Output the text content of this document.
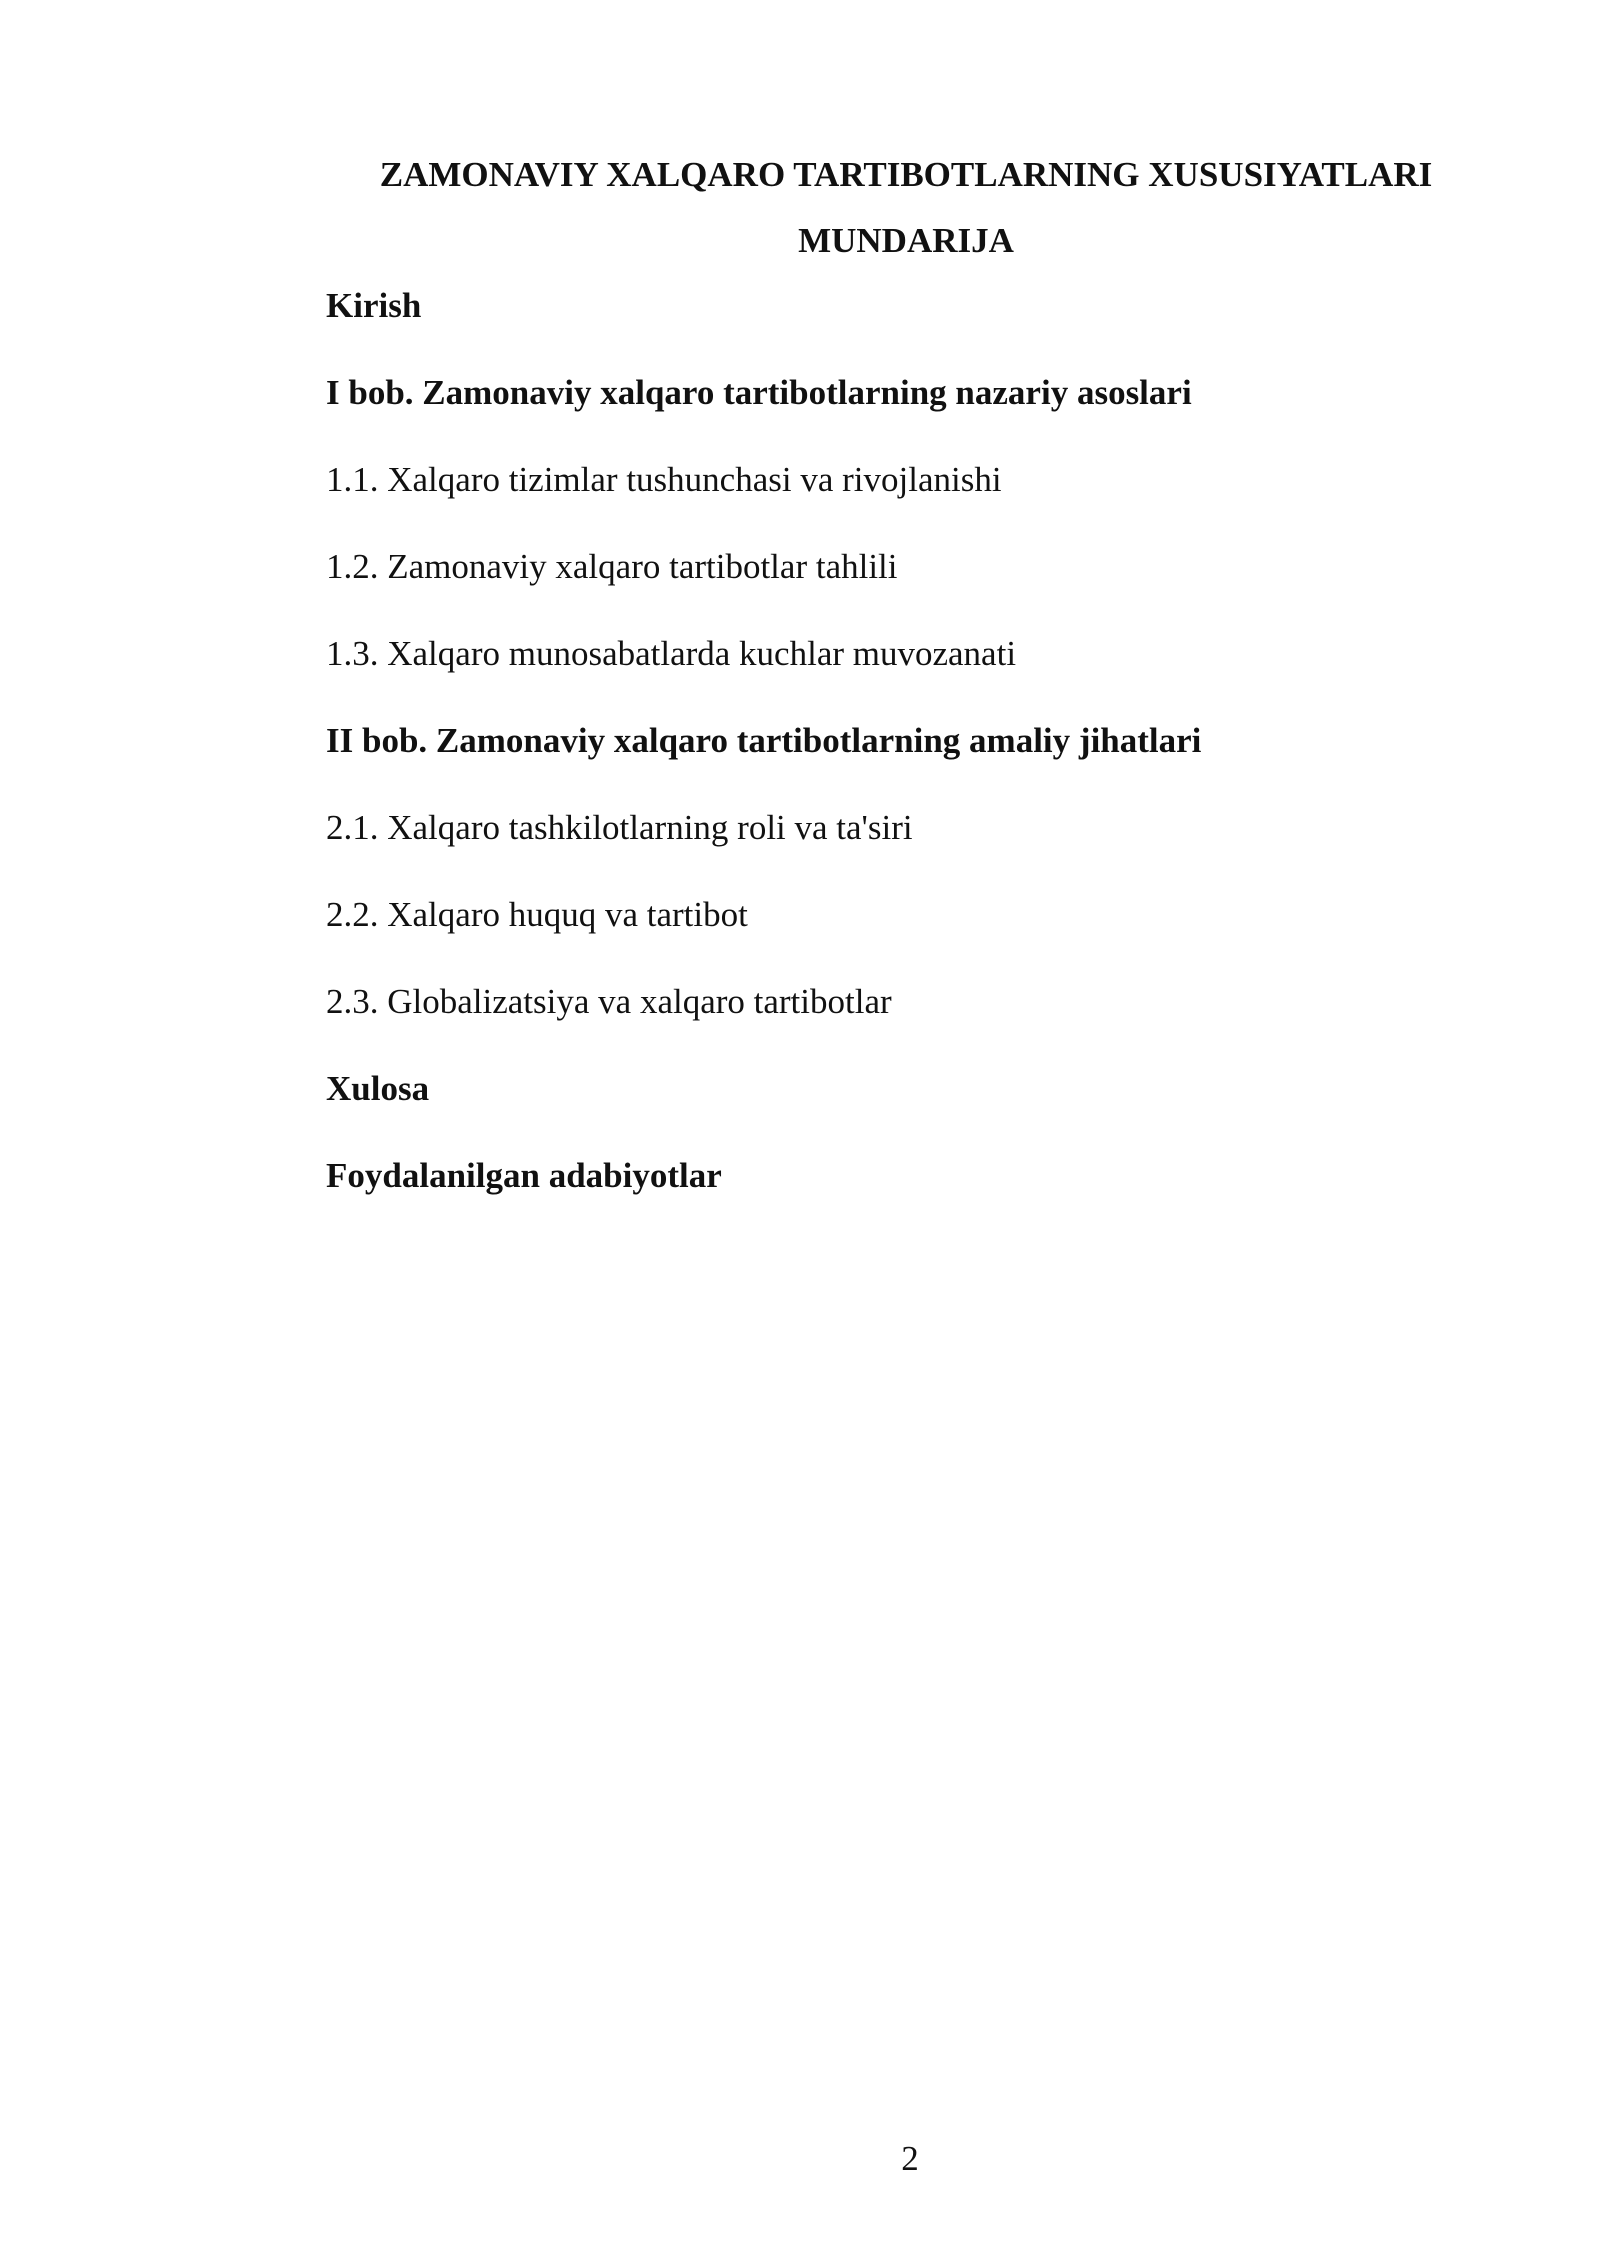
ZAMONAVIY XALQARO TARTIBOTLARNING XUSUSIYATLARI
MUNDARIJA
Kirish
I bob. Zamonaviy xalqaro tartibotlarning nazariy asoslari
1.1. Xalqaro tizimlar tushunchasi va rivojlanishi
1.2. Zamonaviy xalqaro tartibotlar tahlili
1.3. Xalqaro munosabatlarda kuchlar muvozanati
II bob. Zamonaviy xalqaro tartibotlarning amaliy jihatlari
2.1. Xalqaro tashkilotlarning roli va ta'siri
2.2. Xalqaro huquq va tartibot
2.3. Globalizatsiya va xalqaro tartibotlar
Xulosa
Foydalanilgan adabiyotlar
2
